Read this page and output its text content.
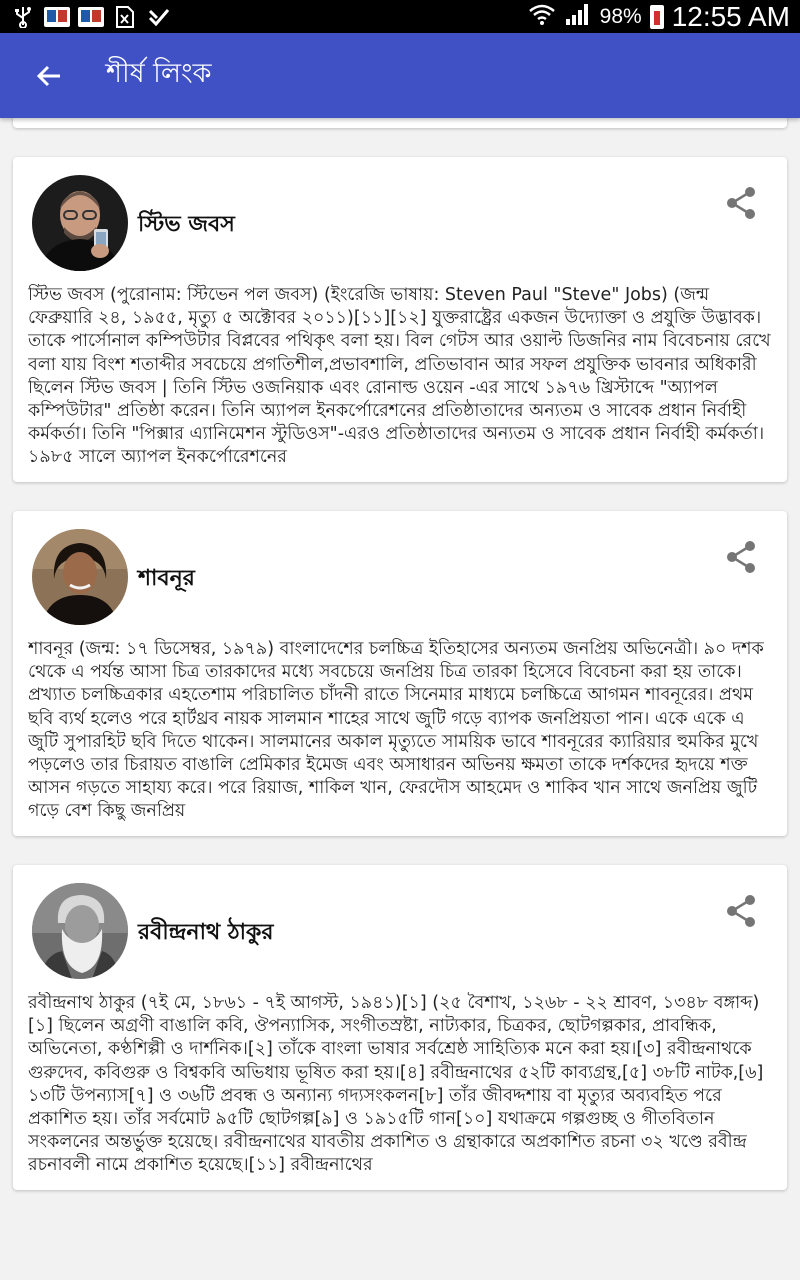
98% 12:55 AM
শীর্ষ লিংক
স্টিভ জবস
স্টিভ জবস (পুরোনাম: স্টিভেন পল জবস) (ইংরেজি ভাষায়: Steven Paul "Steve" Jobs) (জন্ম ফেব্রুয়ারি ২৪, ১৯৫৫, মৃত্যু ৫ অক্টোবর ২০১১)[১১][১২] যুক্তরাষ্ট্রের একজন উদ্যোক্তা ও প্রযুক্তি উদ্ভাবক। তাকে পার্সোনাল কম্পিউটার বিপ্লবের পথিকৃৎ বলা হয়। বিল গেটস আর ওয়াল্ট ডিজনির নাম বিবেচনায় রেখে বলা যায় বিংশ শতাব্দীর সবচেয়ে প্রগতিশীল,প্রভাবশালি, প্রতিভাবান আর সফল প্রযুক্তিক ভাবনার অধিকারী ছিলেন স্টিভ জবস | তিনি স্টিভ ওজনিয়াক এবং রোনাল্ড ওয়েন -এর সাথে ১৯৭৬ খ্রিস্টাব্দে "অ্যাপল কম্পিউটার" প্রতিষ্ঠা করেন। তিনি অ্যাপল ইনকর্পোরেশনের প্রতিষ্ঠাতাদের অন্যতম ও সাবেক প্রধান নির্বাহী কর্মকর্তা। তিনি "পিক্সার এ্যানিমেশন স্টুডিওস"-এরও প্রতিষ্ঠাতাদের অন্যতম ও সাবেক প্রধান নির্বাহী কর্মকর্তা। ১৯৮৫ সালে অ্যাপল ইনকর্পোরেশনের
শাবনূর
শাবনূর (জন্ম: ১৭ ডিসেম্বর, ১৯৭৯) বাংলাদেশের চলচ্চিত্র ইতিহাসের অন্যতম জনপ্রিয় অভিনেত্রী। ৯০ দশক থেকে এ পর্যন্ত আসা চিত্র তারকাদের মধ্যে সবচেয়ে জনপ্রিয় চিত্র তারকা হিসেবে বিবেচনা করা হয় তাকে। প্রখ্যাত চলচ্চিত্রকার এহতেশাম পরিচালিত চাঁদনী রাতে সিনেমার মাধ্যমে চলচ্চিত্রে আগমন শাবনূরের। প্রথম ছবি ব্যর্থ হলেও পরে হার্টথ্রব নায়ক সালমান শাহের সাথে জুটি গড়ে ব্যাপক জনপ্রিয়তা পান। একে একে এ জুটি সুপারহিট ছবি দিতে থাকেন। সালমানের অকাল মৃত্যুতে সাময়িক ভাবে শাবনূরের ক্যারিয়ার হুমকির মুখে পড়লেও তার চিরায়ত বাঙালি প্রেমিকার ইমেজ এবং অসাধারন অভিনয় ক্ষমতা তাকে দর্শকদের হৃদয়ে শক্ত আসন গড়তে সাহায্য করে। পরে রিয়াজ, শাকিল খান, ফেরদৌস আহমেদ ও শাকিব খান সাথে জনপ্রিয় জুটি গড়ে বেশ কিছু জনপ্রিয়
রবীন্দ্রনাথ ঠাকুর
রবীন্দ্রনাথ ঠাকুর (৭ই মে, ১৮৬১ - ৭ই আগস্ট, ১৯৪১)[১] (২৫ বৈশাখ, ১২৬৮ - ২২ শ্রাবণ, ১৩৪৮ বঙ্গাব্দ)[১] ছিলেন অগ্রণী বাঙালি কবি, ঔপন্যাসিক, সংগীতস্রষ্টা, নাট্যকার, চিত্রকর, ছোটগল্পকার, প্রাবন্ধিক, অভিনেতা, কণ্ঠশিল্পী ও দার্শনিক।[২] তাঁকে বাংলা ভাষার সর্বশ্রেষ্ঠ সাহিত্যিক মনে করা হয়।[৩] রবীন্দ্রনাথকে গুরুদেব, কবিগুরু ও বিশ্বকবি অভিধায় ভূষিত করা হয়।[৪] রবীন্দ্রনাথের ৫২টি কাব্যগ্রন্থ,[৫] ৩৮টি নাটক,[৬] ১৩টি উপন্যাস[৭] ও ৩৬টি প্রবন্ধ ও অন্যান্য গদ্যসংকলন[৮] তাঁর জীবদ্দশায় বা মৃত্যুর অব্যবহিত পরে প্রকাশিত হয়। তাঁর সর্বমোট ৯৫টি ছোটগল্প[৯] ও ১৯১৫টি গান[১০] যথাক্রমে গল্পগুচ্ছ ও গীতবিতান সংকলনের অন্তর্ভুক্ত হয়েছে। রবীন্দ্রনাথের যাবতীয় প্রকাশিত ও গ্রন্থাকারে অপ্রকাশিত রচনা ৩২ খণ্ডে রবীন্দ্র রচনাবলী নামে প্রকাশিত হয়েছে।[১১] রবীন্দ্রনাথের
